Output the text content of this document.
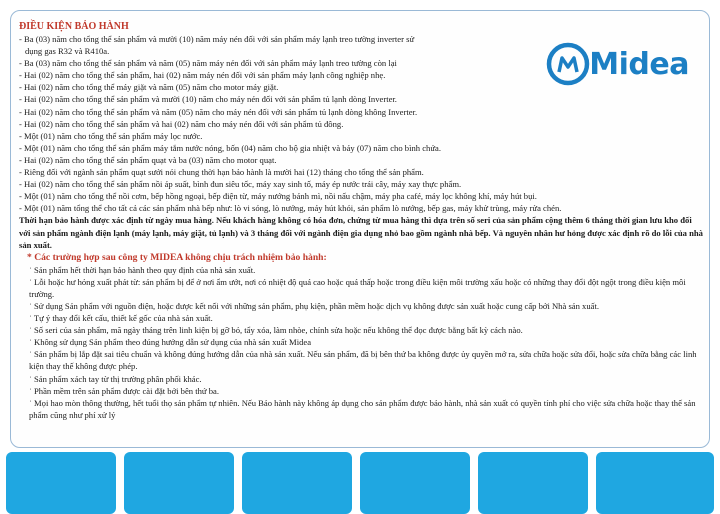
Midea
ĐIỀU KIỆN BẢO HÀNH
- Ba (03) năm cho tổng thể sản phẩm và mười (10) năm máy nén đối với sản phẩm máy lạnh treo tường inverter sử
dụng gas R32 và R410a.
- Ba (03) năm cho tổng thể sản phẩm và năm (05) năm máy nén đối với sản phẩm máy lạnh treo tường còn lại
- Hai (02) năm cho tổng thể sản phẩm, hai (02) năm máy nén đối với sản phẩm máy lạnh công nghiệp nhẹ.
- Hai (02) năm cho tổng thể máy giặt và năm (05) năm cho motor máy giặt.
- Hai (02) năm cho tổng thể sản phẩm và mười (10) năm cho máy nén đối với sản phẩm tủ lạnh dòng Inverter.
- Hai (02) năm cho tổng thể sản phẩm và năm (05) năm cho máy nén đối với sản phẩm tủ lạnh dòng không Inverter.
- Hai (02) năm cho tổng thể sản phẩm và hai (02) năm cho máy nén đối với sản phẩm tủ đông.
- Một (01) năm cho tổng thể sản phẩm máy lọc nước.
- Một (01) năm cho tổng thể sản phẩm máy tắm nước nóng, bốn (04) năm cho bộ gia nhiệt và bảy (07) năm cho bình chứa.
- Hai (02) năm cho tổng thể sản phẩm quạt và ba (03) năm cho motor quạt.
- Riêng đối với ngành sản phẩm quạt sưởi nói chung thời hạn bảo hành là mười hai (12) tháng cho tổng thể sản phẩm.
- Hai (02) năm cho tổng thể sản phẩm nồi áp suất, bình đun siêu tốc, máy xay sinh tố, máy ép nước trái cây, máy xay thực phẩm.
- Một (01) năm cho tổng thể nồi cơm, bếp hồng ngoại, bếp điện từ, máy nướng bánh mì, nồi nấu chậm, máy pha café, máy lọc không khí, máy hút bụi.
- Một (01) năm tổng thể cho tất cả các sản phẩm nhà bếp như: lò vi sóng, lò nướng, máy hút khói, sản phẩm lò nướng, bếp gas, máy khử trùng, máy rửa chén.
Thời hạn bảo hành được xác định từ ngày mua hàng. Nếu khách hàng không có hóa đơn, chứng từ mua hàng thì dựa trên số seri của sản phẩm cộng thêm 6 tháng thời gian lưu kho đối với sản phẩm ngành điện lạnh (máy lạnh, máy giặt, tủ lạnh) và 3 tháng đối với ngành điện gia dụng nhỏ bao gồm ngành nhà bếp. Và nguyên nhân hư hỏng được xác định rõ do lỗi của nhà sản xuất.
* Các trường hợp sau công ty MIDEA không chịu trách nhiệm bảo hành:
˙ Sản phẩm hết thời hạn bảo hành theo quy định của nhà sản xuất.
˙ Lỗi hoặc hư hỏng xuất phát từ: sản phẩm bị để ở nơi ẩm ướt, nơi có nhiệt độ quá cao hoặc quá thấp hoặc trong điều kiện môi trường xấu hoặc có những thay đổi đột ngột trong điều kiện môi trường.
˙ Sử dụng Sản phẩm với nguồn điện, hoặc được kết nối với những sản phẩm, phụ kiện, phần mềm hoặc dịch vụ không được sản xuất hoặc cung cấp bởi Nhà sản xuất.
˙ Tự ý thay đổi kết cấu, thiết kế gốc của nhà sản xuất.
˙ Số seri của sản phẩm, mã ngày tháng trên linh kiện bị gỡ bỏ, tẩy xóa, làm nhòe, chỉnh sửa hoặc nếu không thể đọc được bằng bất kỳ cách nào.
˙ Không sử dụng Sản phẩm theo đúng hướng dẫn sử dụng của nhà sản xuất Midea
˙ Sản phẩm bị lắp đặt sai tiêu chuẩn và không đúng hướng dẫn của nhà sản xuất. Nếu sản phẩm, đã bị bên thứ ba không được ủy quyền mở ra, sửa chữa hoặc sửa đổi, hoặc sửa chữa bằng các linh kiện thay thế không được phép.
˙ Sản phẩm xách tay từ thị trường phân phối khác.
˙ Phần mềm trên sản phẩm được cài đặt bởi bên thứ ba.
˙ Mọi hao mòn thông thường, hết tuổi thọ sản phẩm tự nhiên. Nếu Bảo hành này không áp dụng cho sản phẩm được bảo hành, nhà sản xuất có quyền tính phí cho việc sửa chữa hoặc thay thế sản phẩm cũng như phí xử lý
